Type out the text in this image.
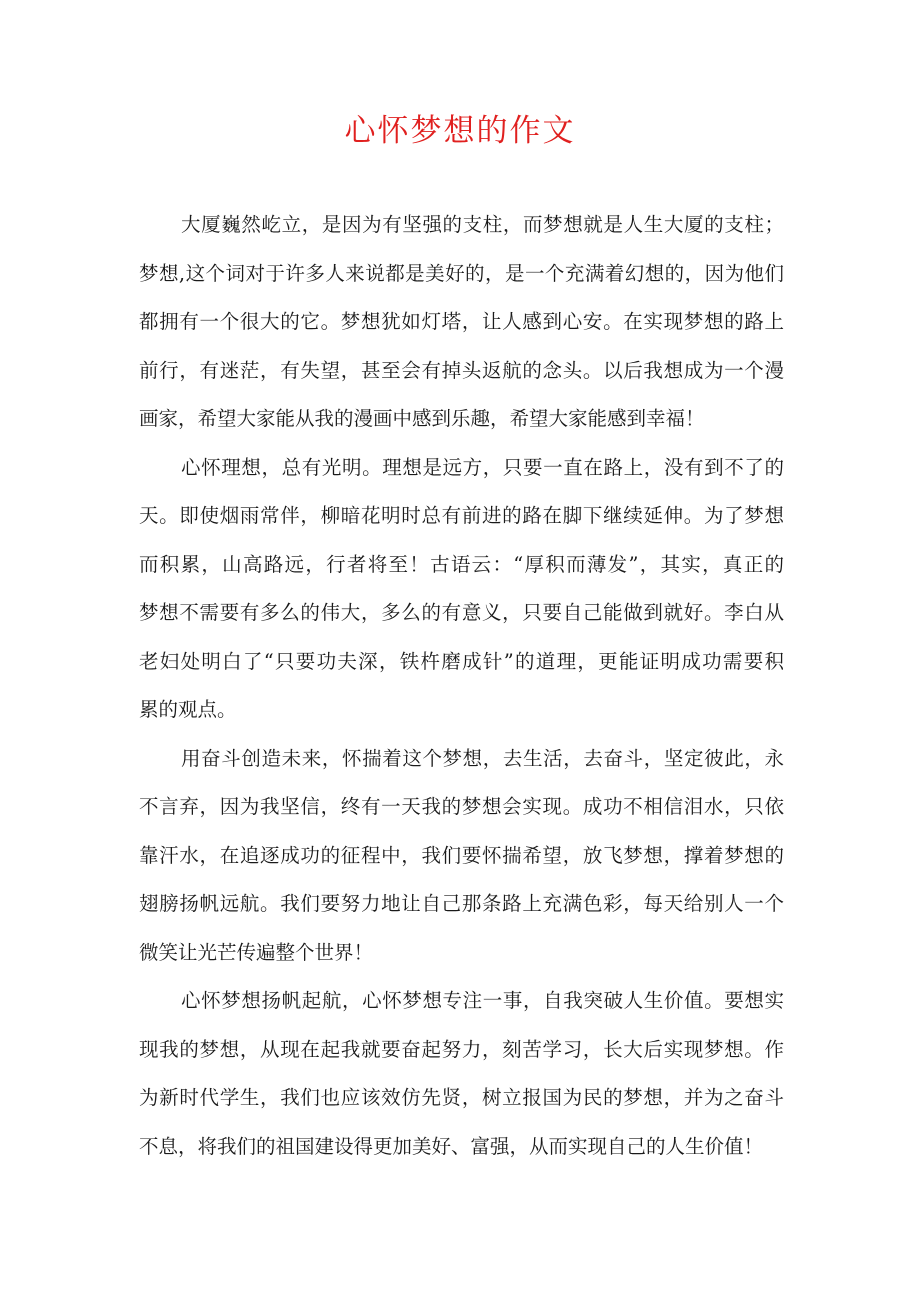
心怀梦想的作文
大厦巍然屹立，是因为有坚强的支柱，而梦想就是人生大厦的支柱；
梦想,这个词对于许多人来说都是美好的，是一个充满着幻想的，因为他们
都拥有一个很大的它。梦想犹如灯塔，让人感到心安。在实现梦想的路上
前行，有迷茫，有失望，甚至会有掉头返航的念头。以后我想成为一个漫
画家，希望大家能从我的漫画中感到乐趣，希望大家能感到幸福！
心怀理想，总有光明。理想是远方，只要一直在路上，没有到不了的
天。即使烟雨常伴，柳暗花明时总有前进的路在脚下继续延伸。为了梦想
而积累，山高路远，行者将至！古语云：“厚积而薄发”，其实，真正的
梦想不需要有多么的伟大，多么的有意义，只要自己能做到就好。李白从
老妇处明白了“只要功夫深，铁杵磨成针”的道理，更能证明成功需要积
累的观点。
用奋斗创造未来，怀揣着这个梦想，去生活，去奋斗，坚定彼此，永
不言弃，因为我坚信，终有一天我的梦想会实现。成功不相信泪水，只依
靠汗水，在追逐成功的征程中，我们要怀揣希望，放飞梦想，撑着梦想的
翅膀扬帆远航。我们要努力地让自己那条路上充满色彩，每天给别人一个
微笑让光芒传遍整个世界！
心怀梦想扬帆起航，心怀梦想专注一事，自我突破人生价值。要想实
现我的梦想，从现在起我就要奋起努力，刻苦学习，长大后实现梦想。作
为新时代学生，我们也应该效仿先贤，树立报国为民的梦想，并为之奋斗
不息，将我们的祖国建设得更加美好、富强，从而实现自己的人生价值！
